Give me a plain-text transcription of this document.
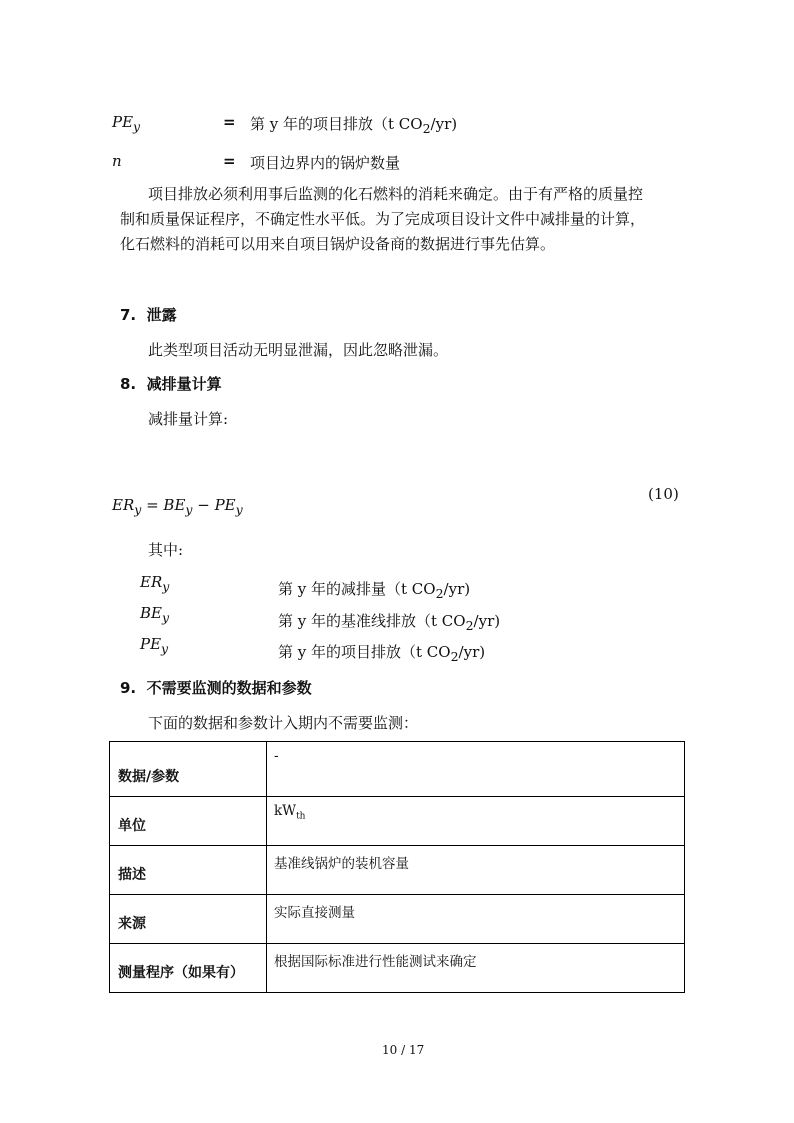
$PE_y$	= 第 y 年的项目排放（t $CO_2/yr$)
n	= 项目边界内的锅炉数量
项目排放必须利用事后监测的化石燃料的消耗来确定。由于有严格的质量控
制和质量保证程序，不确定性水平低。为了完成项目设计文件中减排量的计算，
化石燃料的消耗可以用来自项目锅炉设备商的数据进行事先估算。
7. 泄露
此类型项目活动无明显泄漏，因此忽略泄漏。
8. 减排量计算
减排量计算:
$ER_y = BE_y - PE_y$
(10)
其中:
$ER_y$	第 y 年的减排量（t $CO_2/yr$)
$BE_y$	第 y 年的基准线排放（t $CO_2/yr$)
$PE_y$	第 y 年的项目排放（t $CO_2/yr$)
9. 不需要监测的数据和参数
下面的数据和参数计入期内不需要监测：
数据/参数	-
单位	$kW_{th}$
描述	基准线锅炉的装机容量
来源	实际直接测量
测量程序（如果有）	根据国际标准进行性能测试来确定
10 / 17
